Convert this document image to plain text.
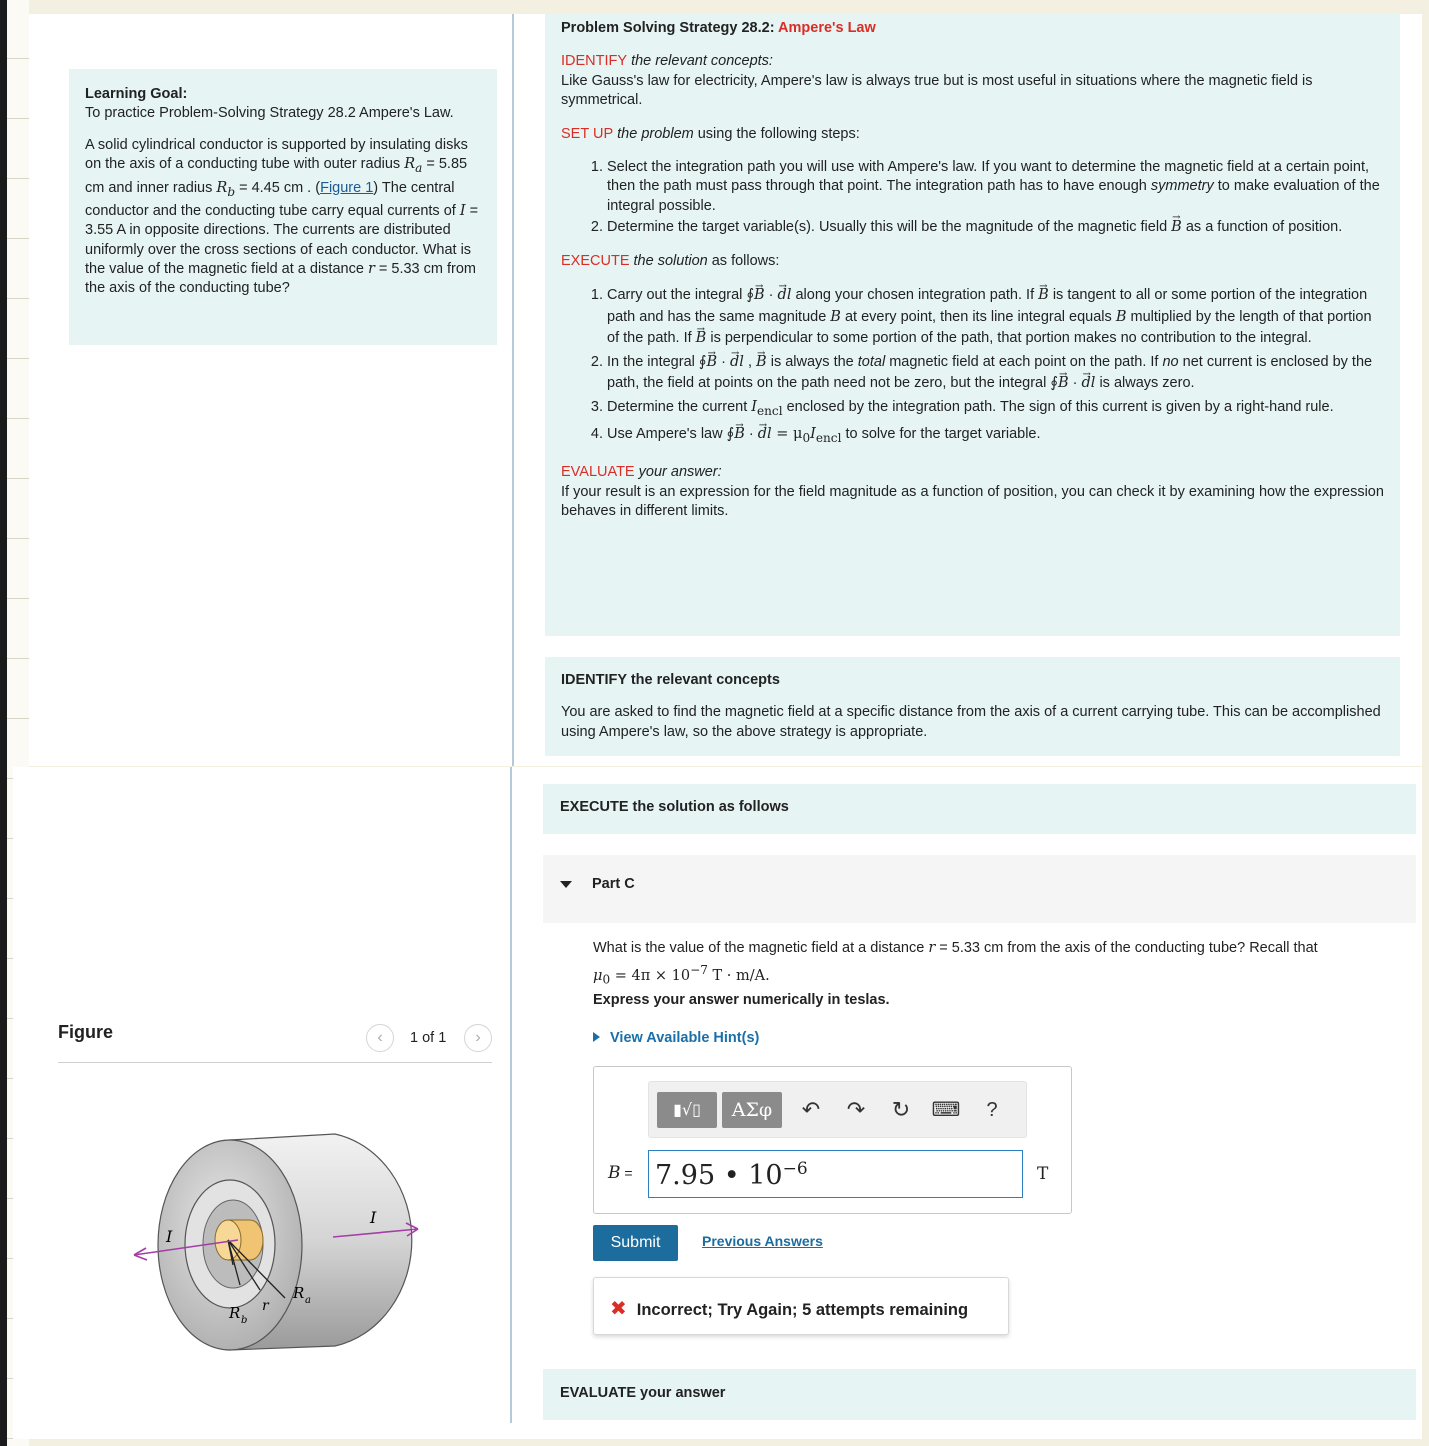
Learning Goal:

To practice Problem-Solving Strategy 28.2 Ampere's Law.

A solid cylindrical conductor is supported by insulating disks on the axis of a conducting tube with outer radius $R_a = 5.85$ cm and inner radius $R_b = 4.45$ cm . (Figure 1) The central conductor and the conducting tube carry equal currents of I = 3.55 A in opposite directions. The currents are distributed uniformly over the cross sections of each conductor. What is the value of the magnetic field at a distance r = 5.33 cm from the axis of the conducting tube?

Problem Solving Strategy 28.2: Ampere's Law
IDENTIFY the relevant concepts:
Like Gauss's law for electricity, Ampere's law is always true but is most useful in situations where the magnetic field is symmetrical.
SET UP the problem using the following steps:
1. Select the integration path you will use with Ampere's law. If you want to determine the magnetic field at a certain point, then the path must pass through that point. The integration path has to have enough symmetry to make evaluation of the integral possible.
2. Determine the target variable(s). Usually this will be the magnitude of the magnetic field → B as a function of position.
EXECUTE the solution as follows:
1. Carry out the integral ∮→ B · → dl along your chosen integration path. If → B is tangent to all or some portion of the integration path and has the same magnitude B at every point, then its line integral equals B multiplied by the length of that portion of the path. If → B is perpendicular to some portion of the path, that portion makes no contribution to the integral.
2. In the integral ∮→ B · → dl , → B is always the total magnetic field at each point on the path. If no net current is enclosed by the path, the field at points on the path need not be zero, but the integral ∮→ B · → dl is always zero.
3. Determine the current $I_{encl}$ enclosed by the integration path. The sign of this current is given by a right-hand rule.
4. Use Ampere's law ∮→ B · → dl = $\mu_0I_{encl}$ to solve for the target variable.
EVALUATE your answer:
If your result is an expression for the field magnitude as a function of position, you can check it by examining how the expression behaves in different limits.
IDENTIFY the relevant concepts

You are asked to find the magnetic field at a specific distance from the axis of a current carrying tube. This can be accomplished using Ampere's law, so the above strategy is appropriate.

EXECUTE the solution as follows
Part C
What is the value of the magnetic field at a distance r = 5.33 cm from the axis of the conducting tube? Recall that
$\mu_0 = 4\pi \times 10^{-7}$ T · m/A.
Express your answer numerically in teslas.
View Available Hint(s)
▮√▯	ΑΣφ	↶ ↷ ↻ ⌨	?
B = 7.95 • $10^{-6}$	T
Submit	Previous Answers
✖ Incorrect; Try Again; 5 attempts remaining
EVALUATE your answer
Figure	‹	1 of 1	›
I
I
R a
R b
r
